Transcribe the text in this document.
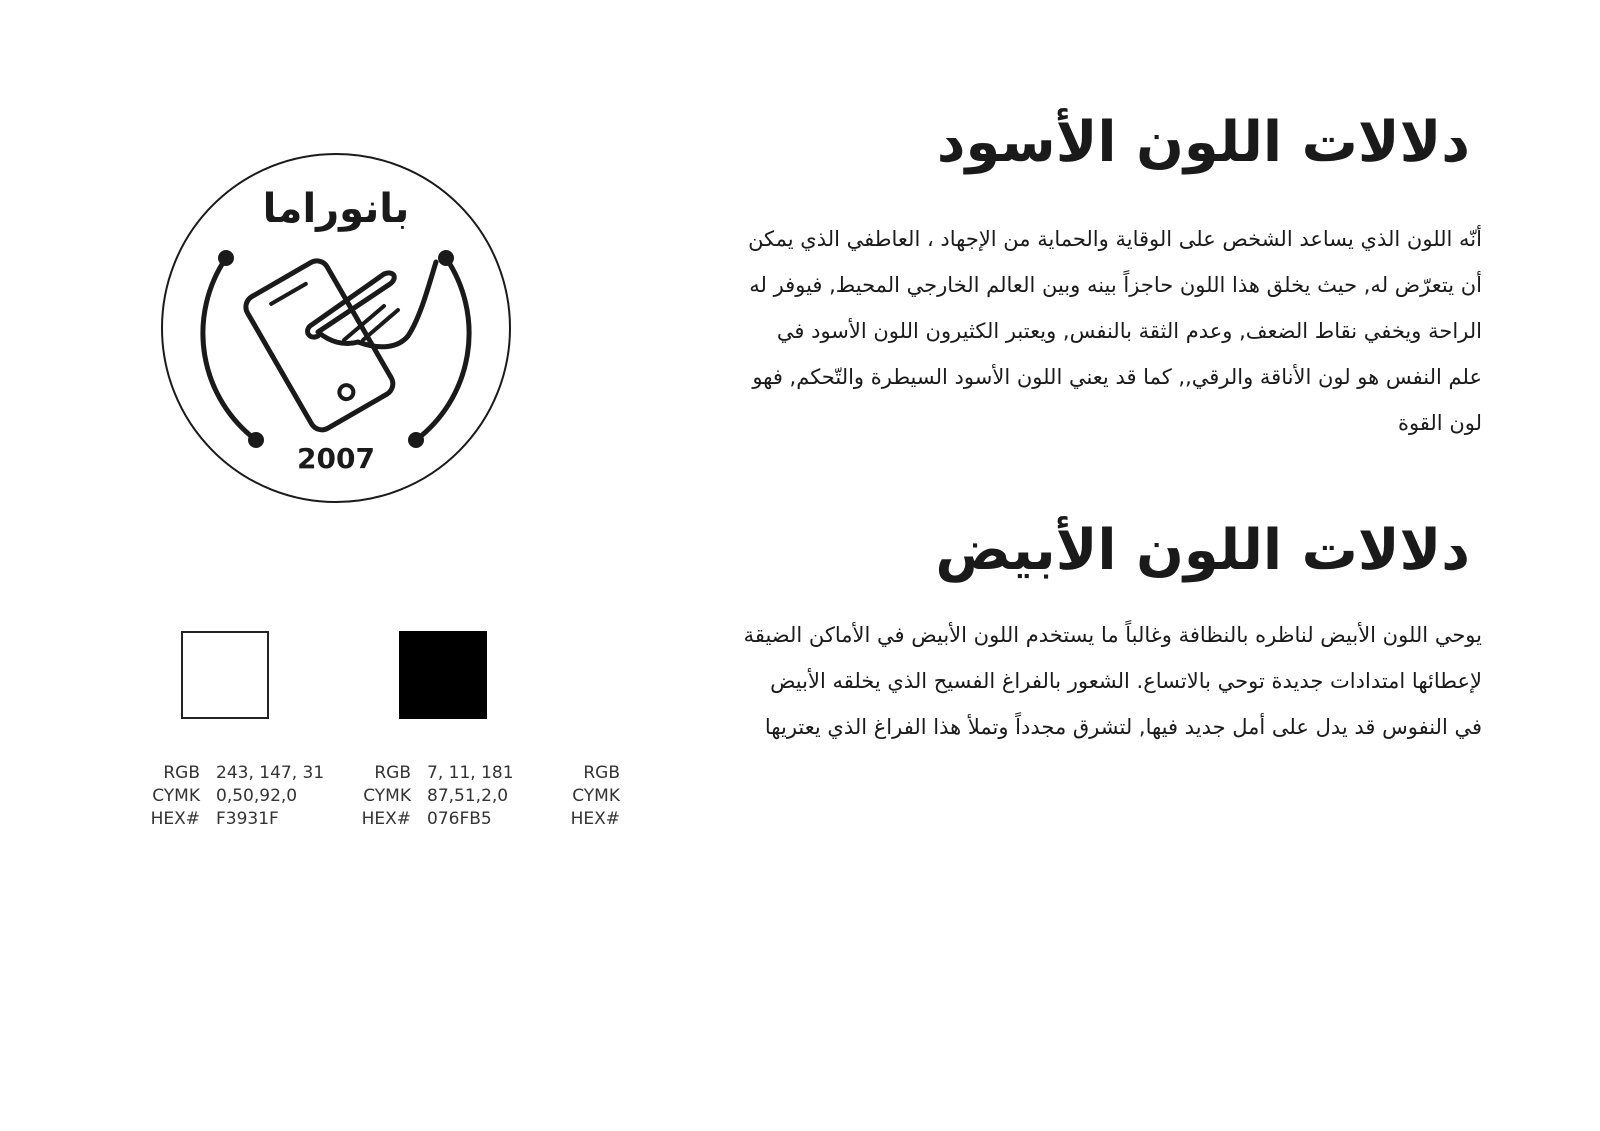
بانوراما
2007
RGB 243, 147, 31
CYMK 0,50,92,0
HEX# F3931F
RGB 7, 11, 181
CYMK 87,51,2,0
HEX# 076FB5
RGB
CYMK
HEX#
دلالات اللون الأسود

أنّه اللون الذي يساعد الشخص على الوقاية والحماية من الإجهاد ، العاطفي الذي يمكن أن يتعرّض له, حيث يخلق هذا اللون حاجزاً بينه وبين العالم الخارجي المحيط, فيوفر له الراحة ويخفي نقاط الضعف, وعدم الثقة بالنفس, ويعتبر الكثيرون اللون الأسود في علم النفس هو لون الأناقة والرقي,, كما قد يعني اللون الأسود السيطرة والتّحكم, فهو لون القوة

دلالات اللون الأبيض

يوحي اللون الأبيض لناظره بالنظافة وغالباً ما يستخدم اللون الأبيض في الأماكن الضيقة لإعطائها امتدادات جديدة توحي بالاتساع. الشعور بالفراغ الفسيح الذي يخلقه الأبيض في النفوس قد يدل على أمل جديد فيها, لتشرق مجدداً وتملأ هذا الفراغ الذي يعتريها
